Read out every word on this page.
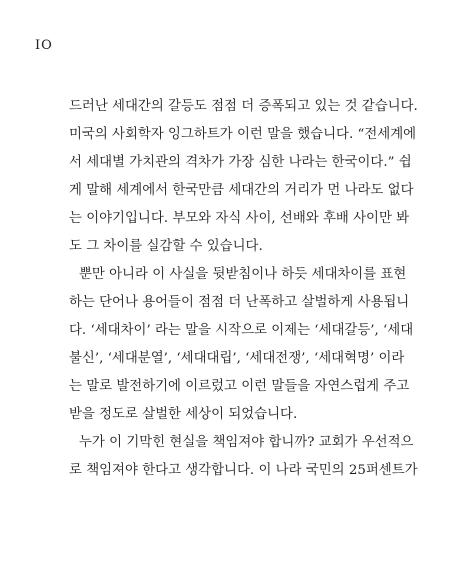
IO
드러난 세대간의 갈등도 점점 더 증폭되고 있는 것 같습니다.
미국의 사회학자 잉그하트가 이런 말을 했습니다. “전세계에
서 세대별 가치관의 격차가 가장 심한 나라는 한국이다.” 쉽
게 말해 세계에서 한국만큼 세대간의 거리가 먼 나라도 없다
는 이야기입니다. 부모와 자식 사이, 선배와 후배 사이만 봐
도 그 차이를 실감할 수 있습니다.
뿐만 아니라 이 사실을 뒷받침이나 하듯 세대차이를 표현
하는 단어나 용어들이 점점 더 난폭하고 살벌하게 사용됩니
다. ‘세대차이’ 라는 말을 시작으로 이제는 ‘세대갈등’, ‘세대
불신’, ‘세대분열’, ‘세대대립’, ‘세대전쟁’, ‘세대혁명’ 이라
는 말로 발전하기에 이르렀고 이런 말들을 자연스럽게 주고
받을 정도로 살벌한 세상이 되었습니다.
누가 이 기막힌 현실을 책임져야 합니까? 교회가 우선적으
로 책임져야 한다고 생각합니다. 이 나라 국민의 25퍼센트가
